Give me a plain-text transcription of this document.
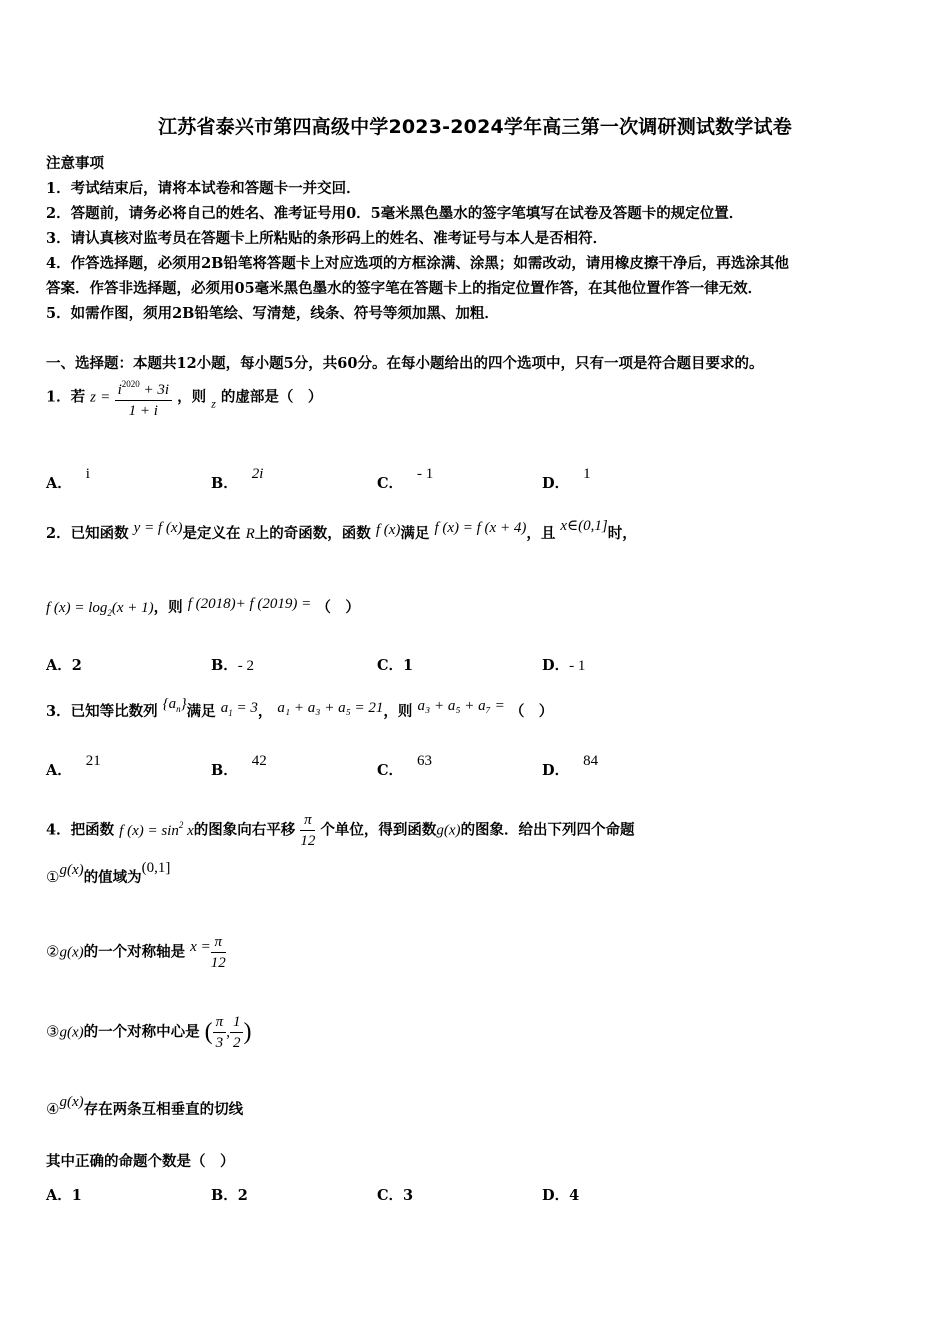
江苏省泰兴市第四高级中学2023-2024学年高三第一次调研测试数学试卷
注意事项
1．考试结束后，请将本试卷和答题卡一并交回．
2．答题前，请务必将自己的姓名、准考证号用0．5毫米黑色墨水的签字笔填写在试卷及答题卡的规定位置．
3．请认真核对监考员在答题卡上所粘贴的条形码上的姓名、准考证号与本人是否相符．
4．作答选择题，必须用2B铅笔将答题卡上对应选项的方框涂满、涂黑；如需改动，请用橡皮擦干净后，再选涂其他
答案．作答非选择题，必须用05毫米黑色墨水的签字笔在答题卡上的指定位置作答，在其他位置作答一律无效．
5．如需作图，须用2B铅笔绘、写清楚，线条、符号等须加黑、加粗．
一、选择题：本题共12小题，每小题5分，共60分。在每小题给出的四个选项中，只有一项是符合题目要求的。
1．若 $z = \frac{i^{2020} + 3i}{1 + i}$ ，则 $_z$ 的虚部是（　）
A．i
B．2i
C．- 1
D．1
2．已知函数 y = f (x)是定义在 R上的奇函数，函数 f (x)满足 f (x) = f (x + 4)，且 x∈(0,1]时，
f $(x) = \log_2(x + 1)$，则 f (2018)+ f (2019) = （　）
A．2	B．- 2	C．1	D．- 1
3．已知等比数列 $\{a_n\}$满足 $a_1 = 3$， a₁ + a₃ + a₅ = 21，则 a₃ + a₅ + a₇ = （　）
A．21
B．42
C．63
D．84
4．把函数 f $(x) = \sin^2 x$的图象向右平移 $\frac{\pi}{12}$ 个单位，得到函数g(x)的图象．给出下列四个命题
①g(x)的值域为(0,1]
②g(x)的一个对称轴是 $x = \frac{\pi}{12}$
③g(x)的一个对称中心是 ( $\frac{\pi}{3}$ , $\frac{1}{2}$ )
④g(x)存在两条互相垂直的切线
其中正确的命题个数是（　）
A．1	B．2	C．3	D．4
